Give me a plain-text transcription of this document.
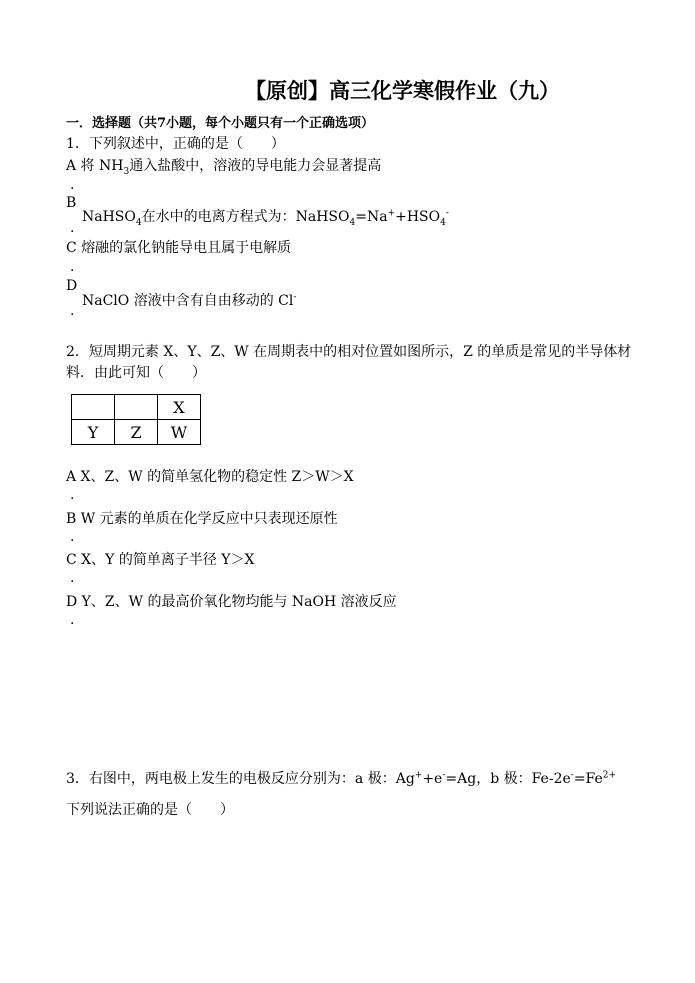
【原创】高三化学寒假作业（九）
一．选择题（共7小题，每个小题只有一个正确选项）
1．下列叙述中，正确的是（　　）
A 将 $NH_3$通入盐酸中，溶液的导电能力会显著提高
.
B
NaHSO$_4$在水中的电离方程式为：$NaHSO_4=Na^++HSO_4^-$
.
C 熔融的氯化钠能导电且属于电解质
.
D
NaClO 溶液中含有自由移动的 Cl-
.
2．短周期元素 X、Y、Z、W 在周期表中的相对位置如图所示，Z 的单质是常见的半导体材
料．由此可知（　　）
		X
Y	Z	W
A X、Z、W 的简单氢化物的稳定性 Z＞W＞X
.
B W 元素的单质在化学反应中只表现还原性
.
C X、Y 的简单离子半径 Y＞X
.
D Y、Z、W 的最高价氧化物均能与 NaOH 溶液反应
.
3．右图中，两电极上发生的电极反应分别为：a 极：Ag++e-=Ag，b 极：$Fe-2e^-=Fe^{2+}$
下列说法正确的是（　　）
